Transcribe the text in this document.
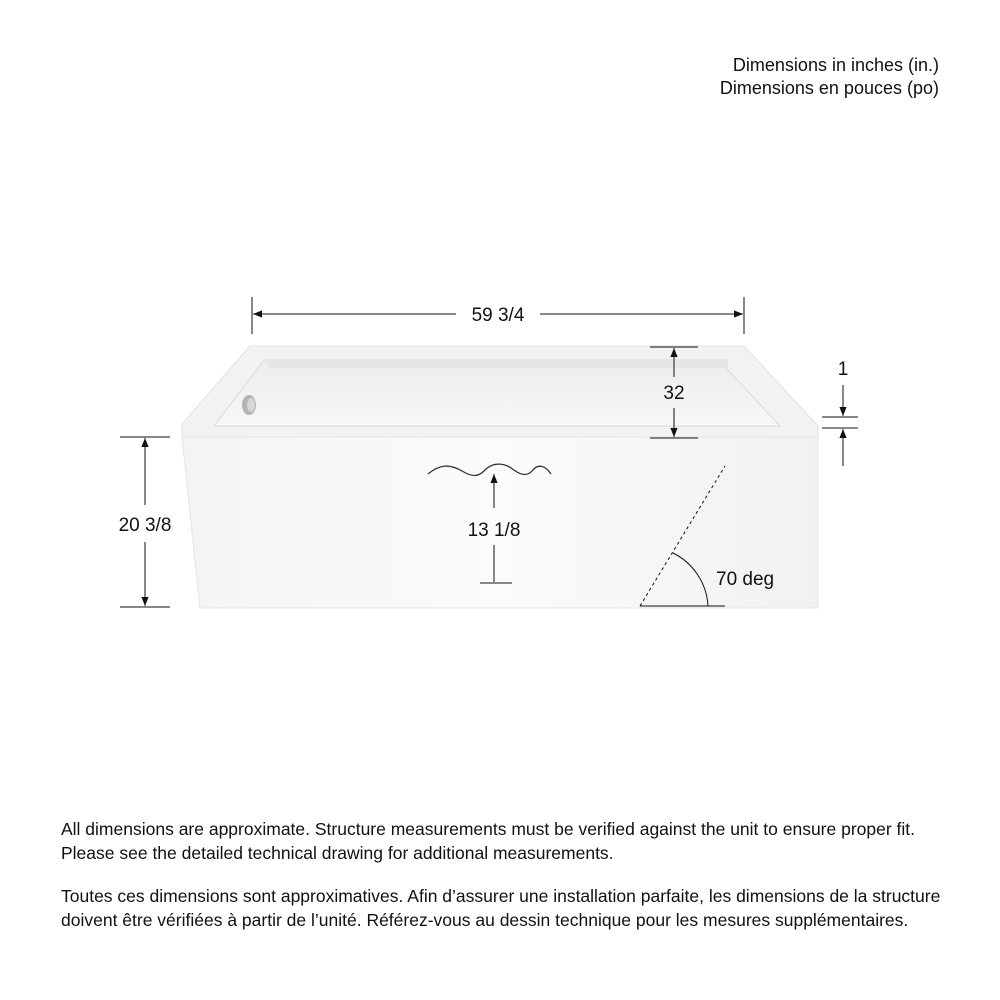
Dimensions in inches (in.)
Dimensions en pouces (po)
59 3/4
32
1
20 3/8	13 1/8
70 deg
All dimensions are approximate. Structure measurements must be verified against the unit to ensure proper fit. Please see the detailed technical drawing for additional measurements.
Toutes ces dimensions sont approximatives. Afin d’assurer une installation parfaite, les dimensions de la structure doivent être vérifiées à partir de l’unité. Référez-vous au dessin technique pour les mesures supplémentaires.
